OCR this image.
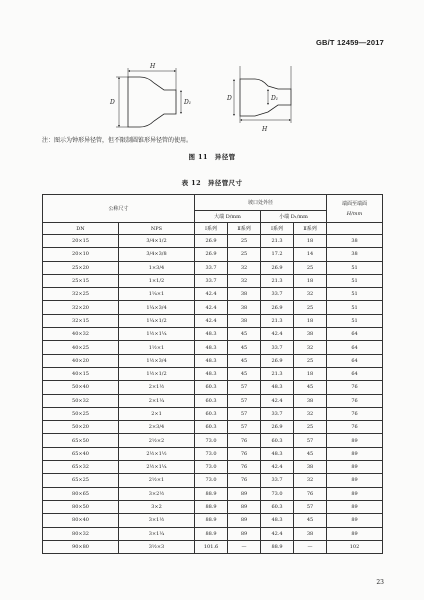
GB/T 12459—2017
D	D₁
H
D	D₁
H
注：图示为钟形异径管，但不限制圆锥形异径管的使用。
图 11　异径管
表 12　异径管尺寸
公称尺寸		坡口处外径				端面至端面
H/mm

		大端 D/mm		小端 D₁/mm		
DN	NPS	Ⅰ系列	Ⅱ系列	Ⅰ系列	Ⅱ系列	
20×15	3/4×1/2	26.9	25	21.3	18	38
20×10	3/4×3/8	26.9	25	17.2	14	38
25×20	1×3/4	33.7	32	26.9	25	51
25×15	1×1/2	33.7	32	21.3	18	51
32×25	1¼×1	42.4	38	33.7	32	51
32×20	1¼×3/4	42.4	38	26.9	25	51
32×15	1¼×1/2	42.4	38	21.3	18	51
40×32	1½×1¼	48.3	45	42.4	38	64
40×25	1½×1	48.3	45	33.7	32	64
40×20	1½×3/4	48.3	45	26.9	25	64
40×15	1½×1/2	48.3	45	21.3	18	64
50×40	2×1½	60.3	57	48.3	45	76
50×32	2×1¼	60.3	57	42.4	38	76
50×25	2×1	60.3	57	33.7	32	76
50×20	2×3/4	60.3	57	26.9	25	76
65×50	2½×2	73.0	76	60.3	57	89
65×40	2½×1½	73.0	76	48.3	45	89
65×32	2½×1¼	73.0	76	42.4	38	89
65×25	2½×1	73.0	76	33.7	32	89
80×65	3×2½	88.9	89	73.0	76	89
80×50	3×2	88.9	89	60.3	57	89
80×40	3×1½	88.9	89	48.3	45	89
80×32	3×1¼	88.9	89	42.4	38	89
90×80	3½×3	101.6	—	88.9	—	102
23
